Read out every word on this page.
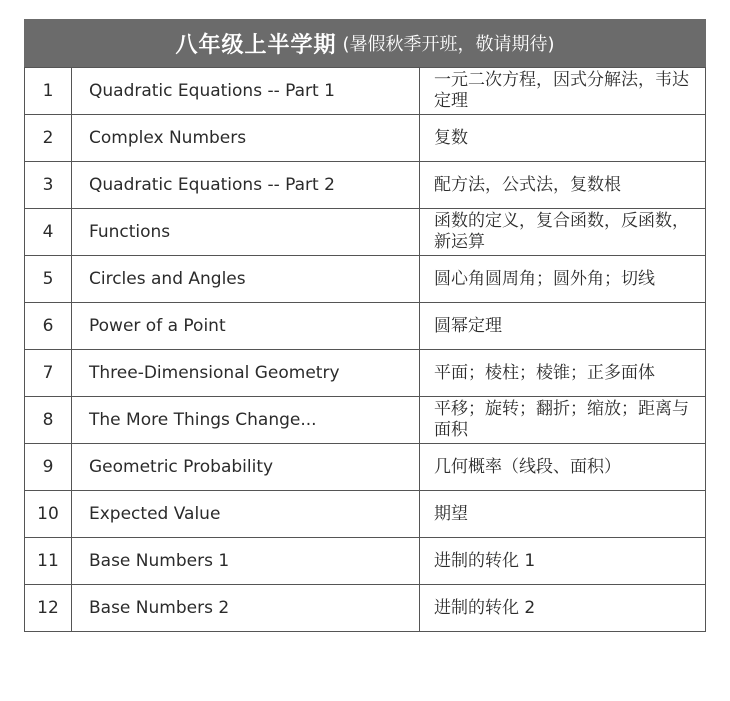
八年级上半学期 (暑假秋季开班，敬请期待)
1	Quadratic Equations -- Part 1	一元二次方程，因式分解法，韦达定理
2	Complex Numbers	复数
3	Quadratic Equations -- Part 2	配方法，公式法，复数根
4	Functions	函数的定义，复合函数，反函数，新运算
5	Circles and Angles	圆心角圆周角；圆外角；切线
6	Power of a Point	圆幂定理
7	Three-Dimensional Geometry	平面；棱柱；棱锥；正多面体
8	The More Things Change...	平移；旋转；翻折；缩放；距离与面积
9	Geometric Probability	几何概率（线段、面积）
10	Expected Value	期望
11	Base Numbers 1	进制的转化 1
12	Base Numbers 2	进制的转化 2
